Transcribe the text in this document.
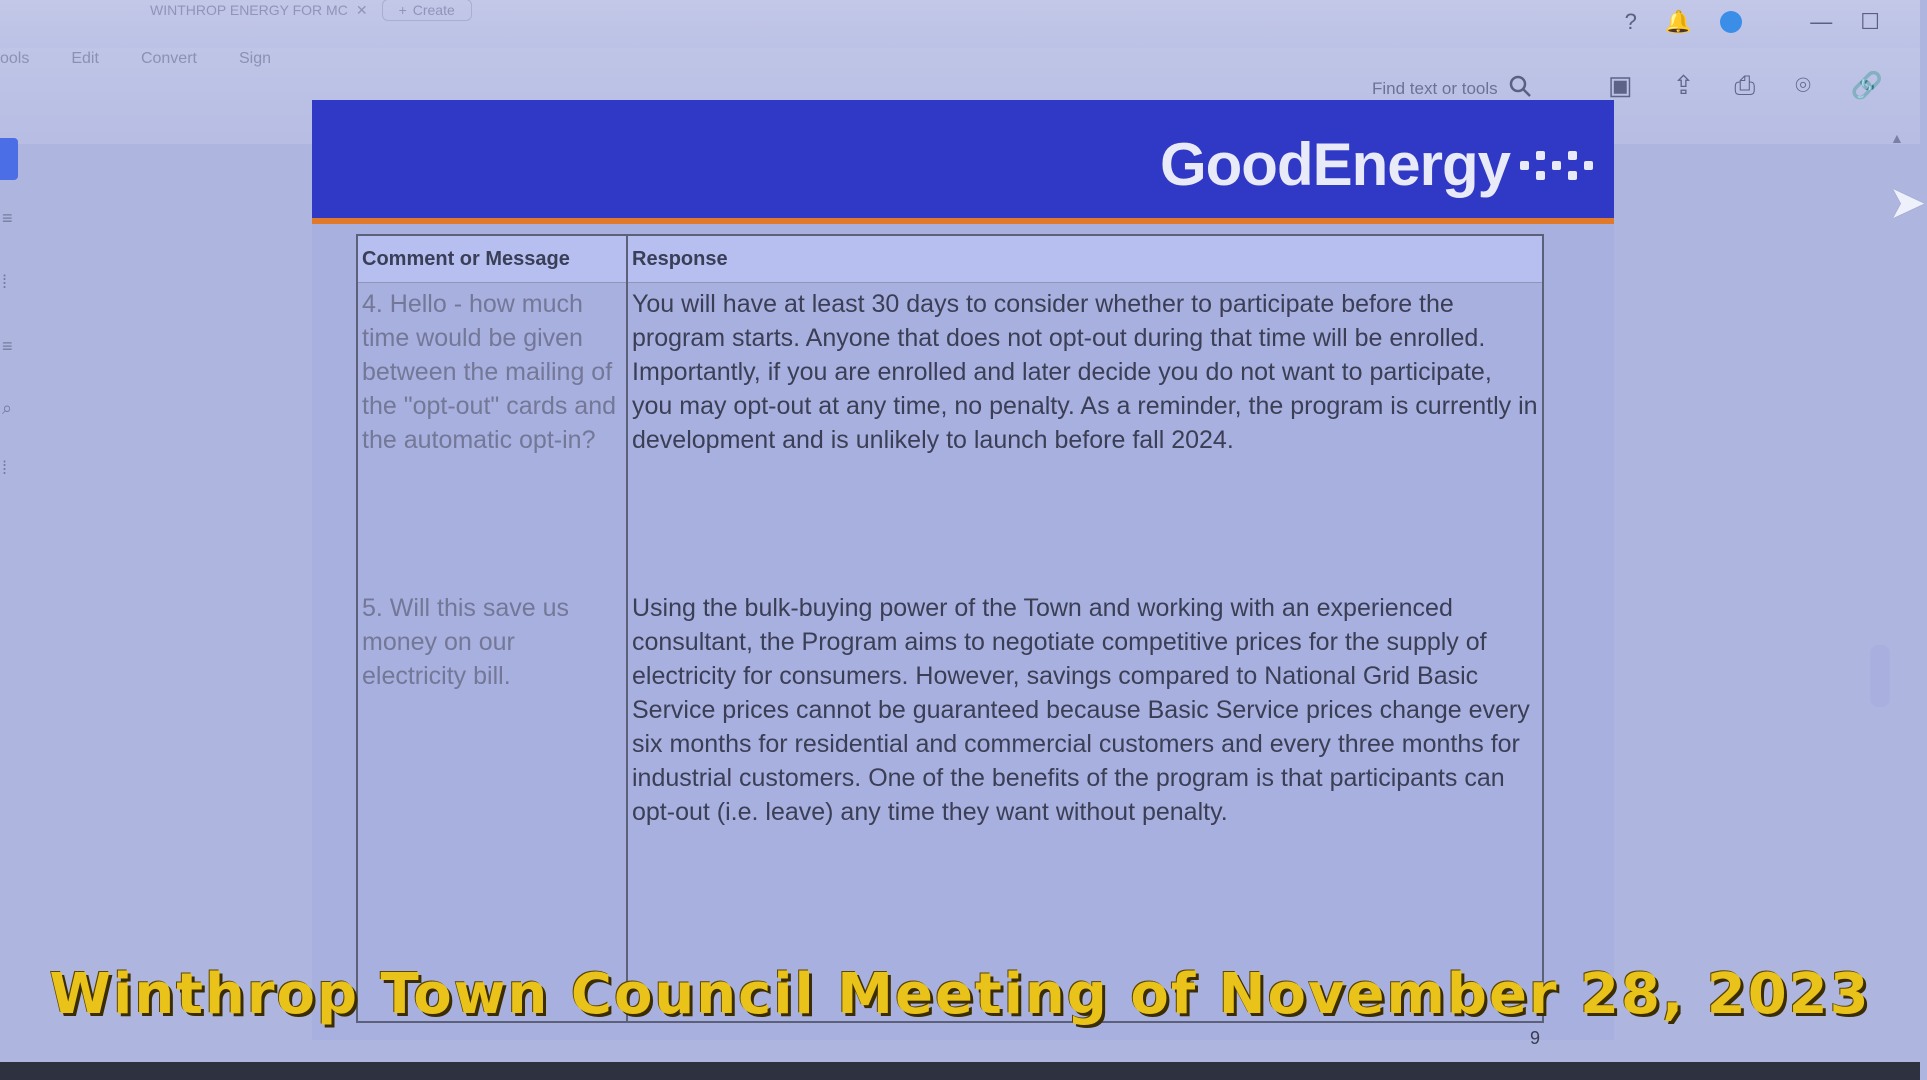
WINTHROP ENERGY FOR MC ✕ + Create	? 🔔	— ☐
ools	Edit	Convert	Sign
Find text or tools	▣ ⇪ ⎙ ⌾ 🔗
≡
⁞
≡
⌕
⁞
▲
➤
GoodEnergy
Comment or Message	Response
4. Hello - how much time would be given between the mailing of the "opt-out" cards and the automatic opt-in?	You will have at least 30 days to consider whether to participate before the program starts. Anyone that does not opt-out during that time will be enrolled. Importantly, if you are enrolled and later decide you do not want to participate, you may opt-out at any time, no penalty. As a reminder, the program is currently in development and is unlikely to launch before fall 2024.
5. Will this save us money on our electricity bill.	Using the bulk-buying power of the Town and working with an experienced consultant, the Program aims to negotiate competitive prices for the supply of electricity for consumers. However, savings compared to National Grid Basic Service prices cannot be guaranteed because Basic Service prices change every six months for residential and commercial customers and every three months for industrial customers. One of the benefits of the program is that participants can opt-out (i.e. leave) any time they want without penalty.
9
Winthrop Town Council Meeting of November 28, 2023
